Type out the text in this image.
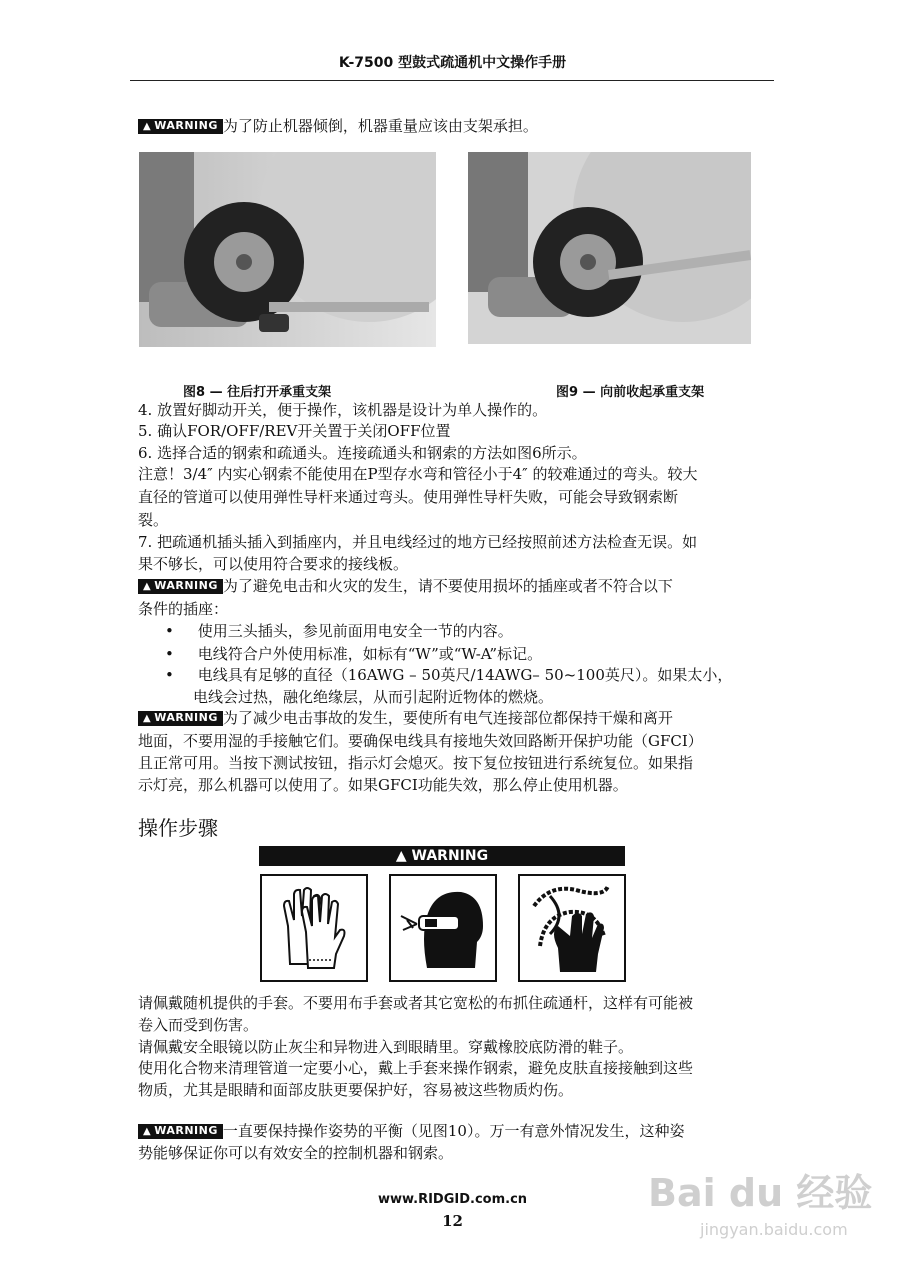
K-7500 型鼓式疏通机中文操作手册
▲ WARNING 为了防止机器倾倒，机器重量应该由支架承担。
图8 — 往后打开承重支架	图9 — 向前收起承重支架
4. 放置好脚动开关，便于操作，该机器是设计为单人操作的。
5. 确认FOR/OFF/REV开关置于关闭OFF位置
6. 选择合适的钢索和疏通头。连接疏通头和钢索的方法如图6所示。
注意！3/4″ 内实心钢索不能使用在P型存水弯和管径小于4″ 的较难通过的弯头。较大
直径的管道可以使用弹性导杆来通过弯头。使用弹性导杆失败，可能会导致钢索断
裂。
7. 把疏通机插头插入到插座内，并且电线经过的地方已经按照前述方法检查无误。如
果不够长，可以使用符合要求的接线板。
▲ WARNING 为了避免电击和火灾的发生，请不要使用损坏的插座或者不符合以下
条件的插座：
•     使用三头插头，参见前面用电安全一节的内容。
•     电线符合户外使用标准，如标有“W”或“W-A”标记。
•     电线具有足够的直径（16AWG – 50英尺/14AWG– 50~100英尺）。如果太小，
电线会过热，融化绝缘层，从而引起附近物体的燃烧。
▲ WARNING 为了减少电击事故的发生，要使所有电气连接部位都保持干燥和离开
地面，不要用湿的手接触它们。要确保电线具有接地失效回路断开保护功能（GFCI）
且正常可用。当按下测试按钮，指示灯会熄灭。按下复位按钮进行系统复位。如果指
示灯亮，那么机器可以使用了。如果GFCI功能失效，那么停止使用机器。
操作步骤
▲ WARNING
请佩戴随机提供的手套。不要用布手套或者其它宽松的布抓住疏通杆，这样有可能被
卷入而受到伤害。
请佩戴安全眼镜以防止灰尘和异物进入到眼睛里。穿戴橡胶底防滑的鞋子。
使用化合物来清理管道一定要小心，戴上手套来操作钢索，避免皮肤直接接触到这些
物质，尤其是眼睛和面部皮肤更要保护好，容易被这些物质灼伤。
▲ WARNING 一直要保持操作姿势的平衡（见图10）。万一有意外情况发生，这种姿
势能够保证你可以有效安全的控制机器和钢索。
www.RIDGID.com.cn
12
Bai du 经验
jingyan.baidu.com
